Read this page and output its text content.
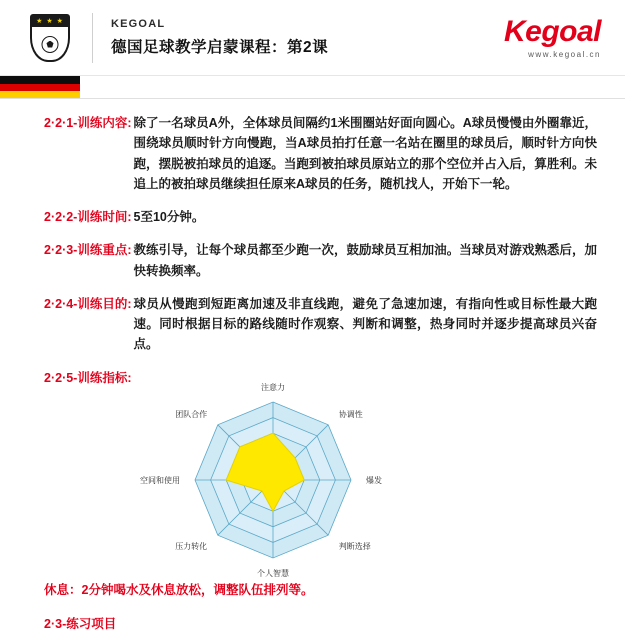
★ ★ ★	KEGOAL
德国足球教学启蒙课程：第2课	Kegoal
www.kegoal.cn
2·2·1-训练内容: 除了一名球员A外，全体球员间隔约1米围圈站好面向圆心。A球员慢慢由外圈靠近，围绕球员顺时针方向慢跑，当A球员拍打任意一名站在圈里的球员后，顺时针方向快跑，摆脱被拍球员的追逐。当跑到被拍球员原站立的那个空位并占入后，算胜利。未追上的被拍球员继续担任原来A球员的任务，随机找人，开始下一轮。
2·2·2-训练时间: 5至10分钟。
2·2·3-训练重点: 教练引导，让每个球员都至少跑一次，鼓励球员互相加油。当球员对游戏熟悉后，加快转换频率。
2·2·4-训练目的: 球员从慢跑到短距离加速及非直线跑，避免了急速加速，有指向性或目标性最大跑速。同时根据目标的路线随时作观察、判断和调整，热身同时并逐步提高球员兴奋点。
2·2·5-训练指标:
注意力
协调性
爆发
判断选择
个人智慧
压力转化
空间和使用
团队合作
休息：2分钟喝水及休息放松，调整队伍排列等。
2·3-练习项目
